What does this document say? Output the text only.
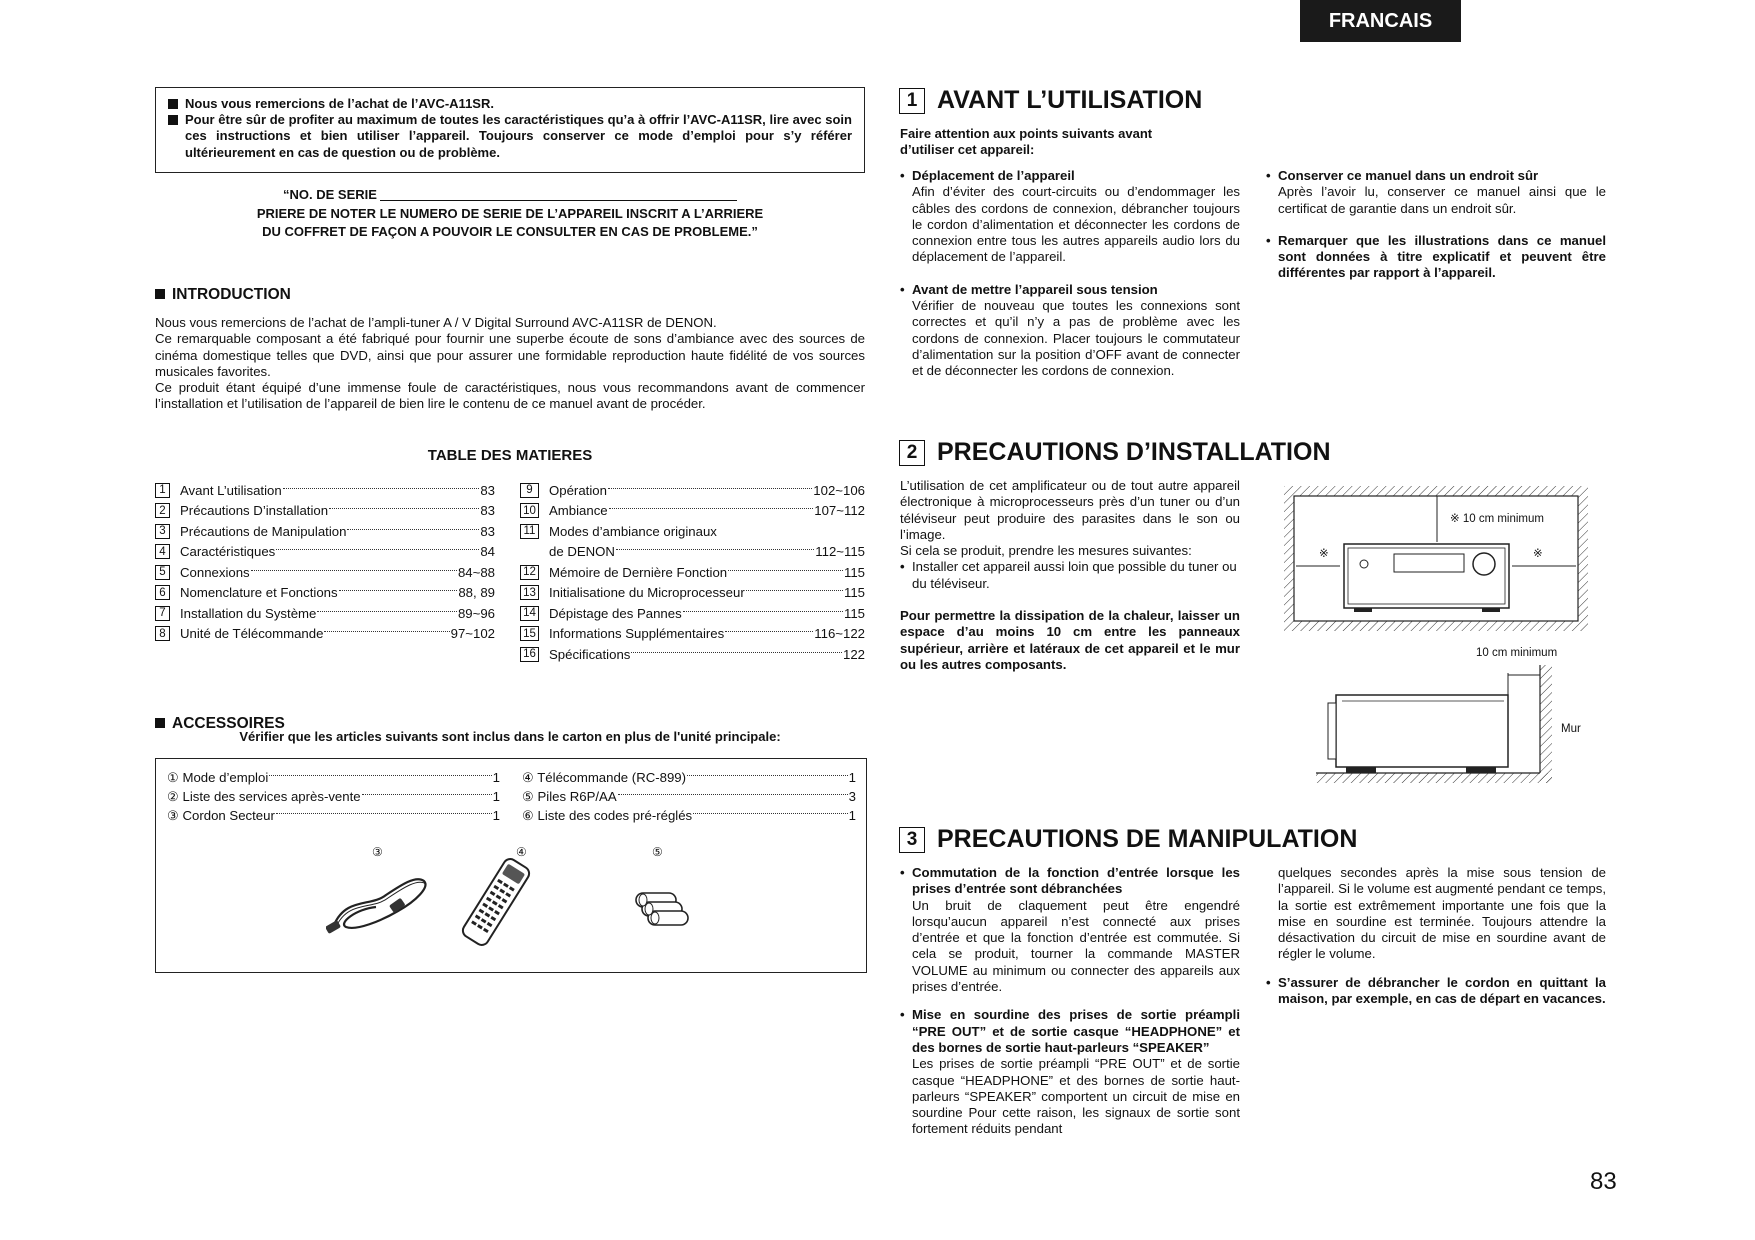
FRANCAIS
Nous vous remercions de l’achat de l’AVC-A11SR.
Pour être sûr de profiter au maximum de toutes les caractéristiques qu’a à offrir l’AVC-A11SR, lire avec soin ces instructions et bien utiliser l’appareil. Toujours conserver ce mode d’emploi pour s’y référer ultérieurement en cas de question ou de problème.
“NO. DE SERIE
PRIERE DE NOTER LE NUMERO DE SERIE DE L’APPAREIL INSCRIT A L’ARRIERE
DU COFFRET DE FAÇON A POUVOIR LE CONSULTER EN CAS DE PROBLEME.”
INTRODUCTION
Nous vous remercions de l’achat de l’ampli-tuner A / V Digital Surround AVC-A11SR de DENON.
Ce remarquable composant a été fabriqué pour fournir une superbe écoute de sons d’ambiance avec des sources de cinéma domestique telles que DVD, ainsi que pour assurer une formidable reproduction haute fidélité de vos sources musicales favorites.
Ce produit étant équipé d’une immense foule de caractéristiques, nous vous recommandons avant de commencer l’installation et l’utilisation de l’appareil de bien lire le contenu de ce manuel avant de procéder.
TABLE DES MATIERES
1	Avant L’utilisation	83
2	Précautions D’installation	83
3	Précautions de Manipulation	83
4	Caractéristiques	84
5	Connexions	84~88
6	Nomenclature et Fonctions	88, 89
7	Installation du Système	89~96
8	Unité de Télécommande	97~102
9	Opération	102~106
10 Ambiance	107~112
11 Modes d’ambiance originaux
de DENON	112~115
12 Mémoire de Dernière Fonction	115
13 Initialisatione du Microprocesseur	115
14 Dépistage des Pannes	115
15 Informations Supplémentaires	116~122
16 Spécifications	122
ACCESSOIRES
Vérifier que les articles suivants sont inclus dans le carton en plus de l'unité principale:
① Mode d’emploi	1
② Liste des services après-vente	1
③ Cordon Secteur	1
④ Télécommande (RC-899)	1
⑤ Piles R6P/AA	3
⑥ Liste des codes pré-réglés	1
③	④	⑤
1 AVANT L’UTILISATION
Faire attention aux points suivants avant d’utiliser cet appareil:
• Déplacement de l’appareil
Afin d’éviter des court-circuits ou d’endommager les câbles des cordons de connexion, débrancher toujours le cordon d’alimentation et déconnecter les cordons de connexion entre tous les autres appareils audio lors du déplacement de l’appareil.
• Avant de mettre l’appareil sous tension
Vérifier de nouveau que toutes les connexions sont correctes et qu’il n’y a pas de problème avec les cordons de connexion. Placer toujours le commutateur d’alimentation sur la position d’OFF avant de connecter et de déconnecter les cordons de connexion.
• Conserver ce manuel dans un endroit sûr
Après l’avoir lu, conserver ce manuel ainsi que le certificat de garantie dans un endroit sûr.
• Remarquer que les illustrations dans ce manuel sont données à titre explicatif et peuvent être différentes par rapport à l’appareil.
2 PRECAUTIONS D’INSTALLATION
L’utilisation de cet amplificateur ou de tout autre appareil électronique à microprocesseurs près d’un tuner ou d’un téléviseur peut produire des parasites dans le son ou l’image.
Si cela se produit, prendre les mesures suivantes:
• Installer cet appareil aussi loin que possible du tuner ou du téléviseur.
Pour permettre la dissipation de la chaleur, laisser un espace d’au moins 10 cm entre les panneaux supérieur, arrière et latéraux de cet appareil et le mur ou les autres composants.
※ 10 cm minimum
※	※
10 cm minimum
Mur
3 PRECAUTIONS DE MANIPULATION
• Commutation de la fonction d’entrée lorsque les prises d’entrée sont débranchées
Un bruit de claquement peut être engendré lorsqu’aucun appareil n’est connecté aux prises d’entrée et que la fonction d’entrée est commutée. Si cela se produit, tourner la commande MASTER VOLUME au minimum ou connecter des appareils aux prises d’entrée.
• Mise en sourdine des prises de sortie préampli “PRE OUT” et de sortie casque “HEADPHONE” et des bornes de sortie haut-parleurs “SPEAKER”
Les prises de sortie préampli “PRE OUT” et de sortie casque “HEADPHONE” et des bornes de sortie haut-parleurs “SPEAKER” comportent un circuit de mise en sourdine Pour cette raison, les signaux de sortie sont fortement réduits pendant
quelques secondes après la mise sous tension de l’appareil. Si le volume est augmenté pendant ce temps, la sortie est extrêmement importante une fois que la mise en sourdine est terminée. Toujours attendre la désactivation du circuit de mise en sourdine avant de régler le volume.
• S’assurer de débrancher le cordon en quittant la maison, par exemple, en cas de départ en vacances.
83
